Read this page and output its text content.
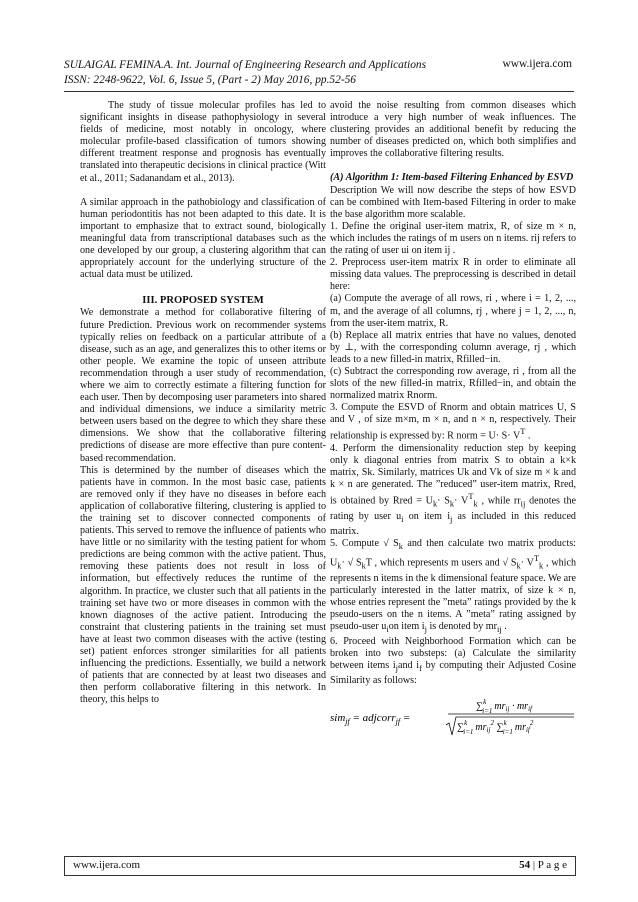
SULAIGAL FEMINA.A. Int. Journal of Engineering Research and Applications	www.ijera.com
ISSN: 2248-9622, Vol. 6, Issue 5, (Part - 2) May 2016, pp.52-56

The study of tissue molecular profiles has led to significant insights in disease pathophysiology in several fields of medicine, most notably in oncology, where molecular profile-based classification of tumors showing different treatment response and prognosis has eventually translated into therapeutic decisions in clinical practice (Witt et al., 2011; Sadanandam et al., 2013).

A similar approach in the pathobiology and classification of human periodontitis has not been adapted to this date. It is important to emphasize that to extract sound, biologically meaningful data from transcriptional databases such as the one developed by our group, a clustering algorithm that can appropriately account for the underlying structure of the actual data must be utilized.

III. PROPOSED SYSTEM

We demonstrate a method for collaborative filtering of future Prediction. Previous work on recommender systems typically relies on feedback on a particular attribute of a disease, such as an age, and generalizes this to other items or other people. We examine the topic of unseen attribute recommendation through a user study of recommendation, where we aim to correctly estimate a filtering function for each user. Then by decomposing user parameters into shared and individual dimensions, we induce a similarity metric between users based on the degree to which they share these dimensions. We show that the collaborative filtering predictions of disease are more effective than pure content-based recommendation.

This is determined by the number of diseases which the patients have in common. In the most basic case, patients are removed only if they have no diseases in before each application of collaborative filtering, clustering is applied to the training set to discover connected components of patients. This served to remove the influence of patients who have little or no similarity with the testing patient for whom predictions are being common with the active patient. Thus, removing these patients does not result in loss of information, but effectively reduces the runtime of the algorithm. In practice, we cluster such that all patients in the training set have two or more diseases in common with the known diagnoses of the active patient. Introducing the constraint that clustering patients in the training set must have at least two common diseases with the active (testing set) patient enforces stronger similarities for all patients influencing the predictions. Essentially, we build a network of patients that are connected by at least two diseases and then perform collaborative filtering in this network. In theory, this helps to

avoid the noise resulting from common diseases which introduce a very high number of weak influences. The clustering provides an additional benefit by reducing the number of diseases predicted on, which both simplifies and improves the collaborative filtering results.

(A) Algorithm 1: Item-based Filtering Enhanced by ESVD

Description We will now describe the steps of how ESVD can be combined with Item-based Filtering in order to make the base algorithm more scalable.

1. Define the original user-item matrix, R, of size m × n, which includes the ratings of m users on n items. rij refers to the rating of user ui on item ij .

2. Preprocess user-item matrix R in order to eliminate all missing data values. The preprocessing is described in detail here:

(a) Compute the average of all rows, ri , where i = 1, 2, ..., m, and the average of all columns, rj , where j = 1, 2, ..., n, from the user-item matrix, R.

(b) Replace all matrix entries that have no values, denoted by ⊥, with the corresponding column average, rj , which leads to a new filled-in matrix, Rfilled−in.

(c) Subtract the corresponding row average, ri , from all the slots of the new filled-in matrix, Rfilled−in, and obtain the normalized matrix Rnorm.

3. Compute the ESVD of Rnorm and obtain matrices U, S and V , of size m×m, m × n, and n × n, respectively. Their relationship is expressed by: R norm = $U\cdot S\cdot V^T$ .

4. Perform the dimensionality reduction step by keeping only k diagonal entries from matrix S to obtain a k×k matrix, Sk. Similarly, matrices Uk and Vk of size m × k and k × n are generated. The ”reduced” user-item matrix, Rred, is obtained by Rred = $U_k\cdot S_k\cdot V^T_k$ , while $rr_{ij}$ denotes the rating by user $u_i$ on item $i_j$ as included in this reduced matrix.

5. Compute √ $S_k$ and then calculate two matrix products: $U_k\cdot$ √ $S_kT$ , which represents m users and √ $S_k\cdot V^T_k$ , which represents n items in the k dimensional feature space. We are particularly interested in the latter matrix, of size k × n, whose entries represent the ”meta” ratings provided by the k pseudo-users on the n items. A ”meta” rating assigned by pseudo-user $u_ion$ item $i_j$ is denoted by $mr_{ij}$ .

6. Proceed with Neighborhood Formation which can be broken into two substeps: (a) Calculate the similarity between items $i_jand$ $i_f$ by computing their Adjusted Cosine Similarity as follows:

sim$_{jf}$ = adjcorr$_{jf}$ =
∑$^k$ i=1 $mr_{ij} \cdot mr_{if}$
∑$^k$ i=1 $mr_{ij}^2$ ∑$^k$ i=1 $mr_{if}^2$
www.ijera.com	54 | P a g e
